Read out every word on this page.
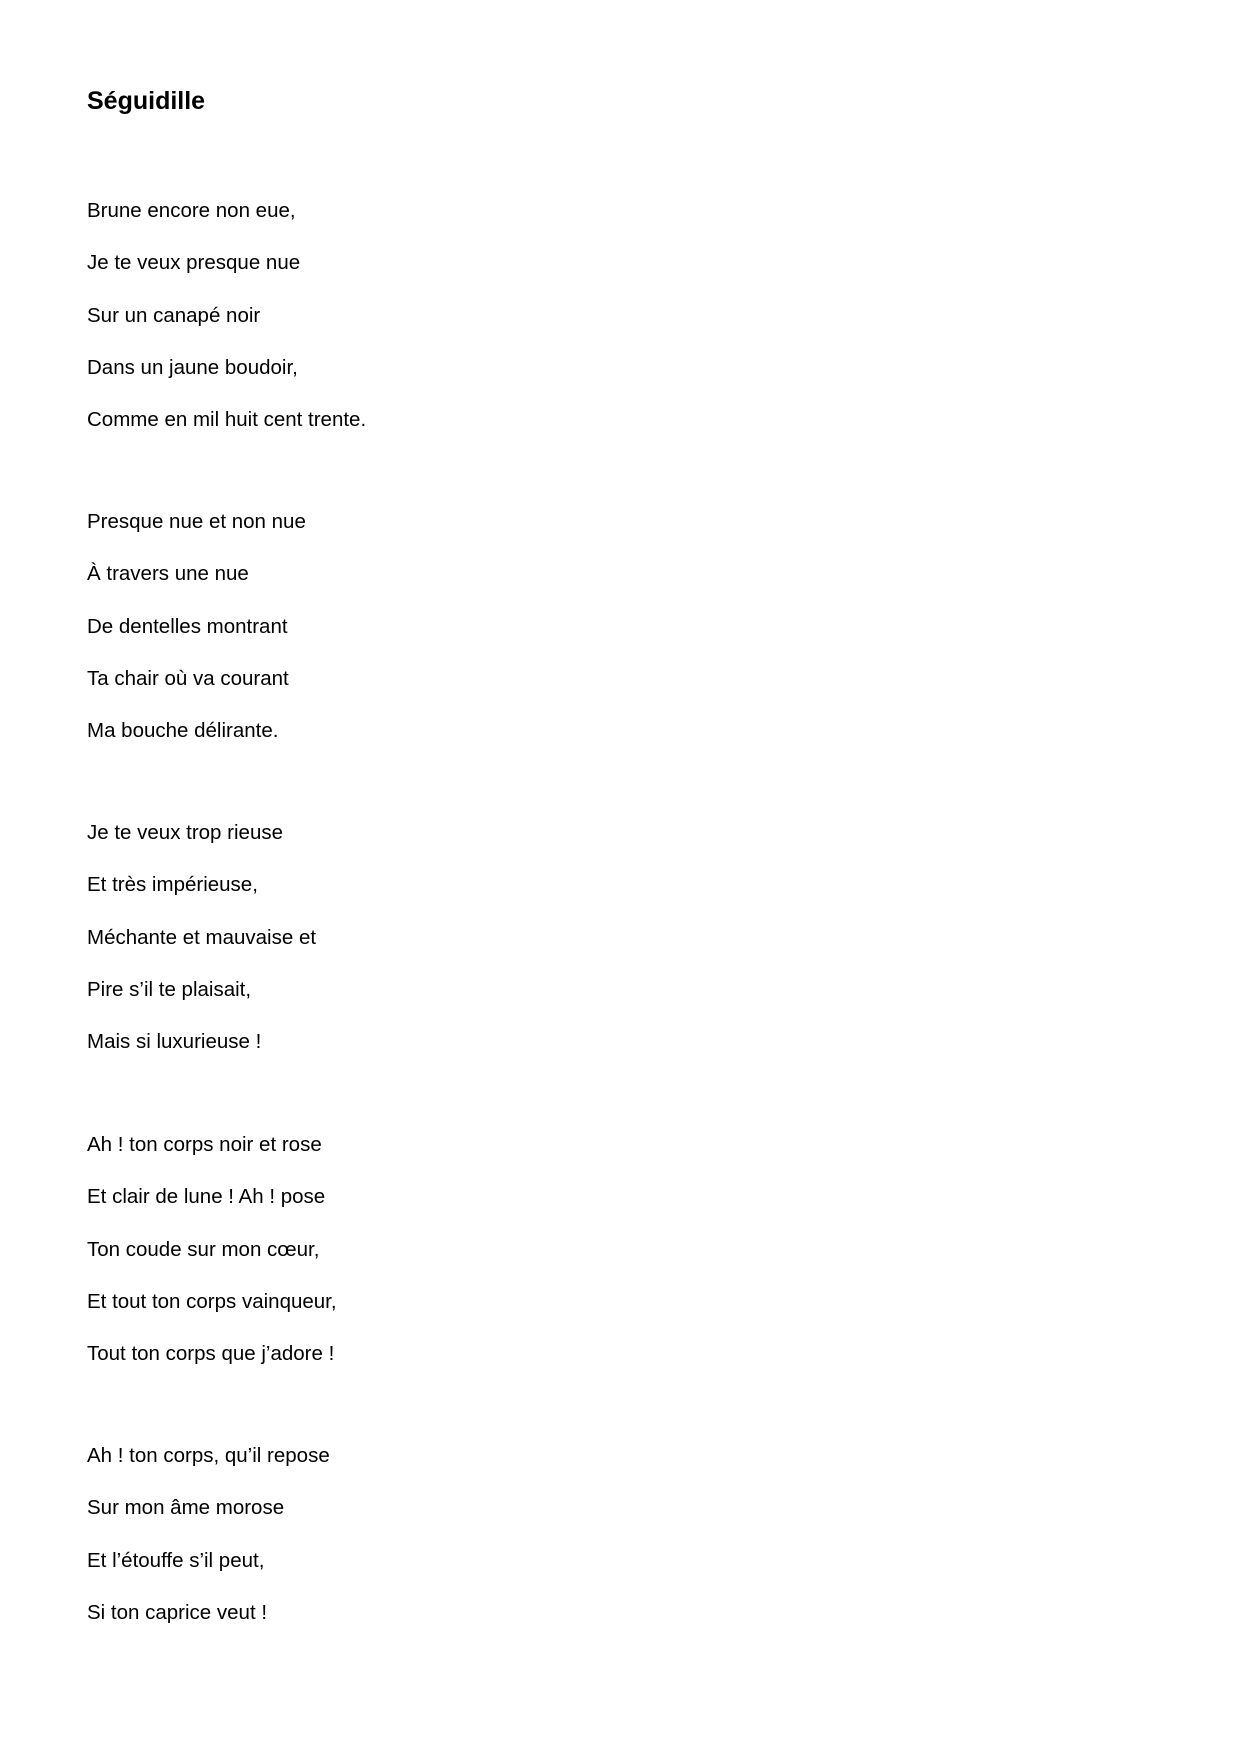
Séguidille
Brune encore non eue,
Je te veux presque nue
Sur un canapé noir
Dans un jaune boudoir,
Comme en mil huit cent trente.
Presque nue et non nue
À travers une nue
De dentelles montrant
Ta chair où va courant
Ma bouche délirante.
Je te veux trop rieuse
Et très impérieuse,
Méchante et mauvaise et
Pire s’il te plaisait,
Mais si luxurieuse !
Ah ! ton corps noir et rose
Et clair de lune ! Ah ! pose
Ton coude sur mon cœur,
Et tout ton corps vainqueur,
Tout ton corps que j’adore !
Ah ! ton corps, qu’il repose
Sur mon âme morose
Et l’étouffe s’il peut,
Si ton caprice veut !
